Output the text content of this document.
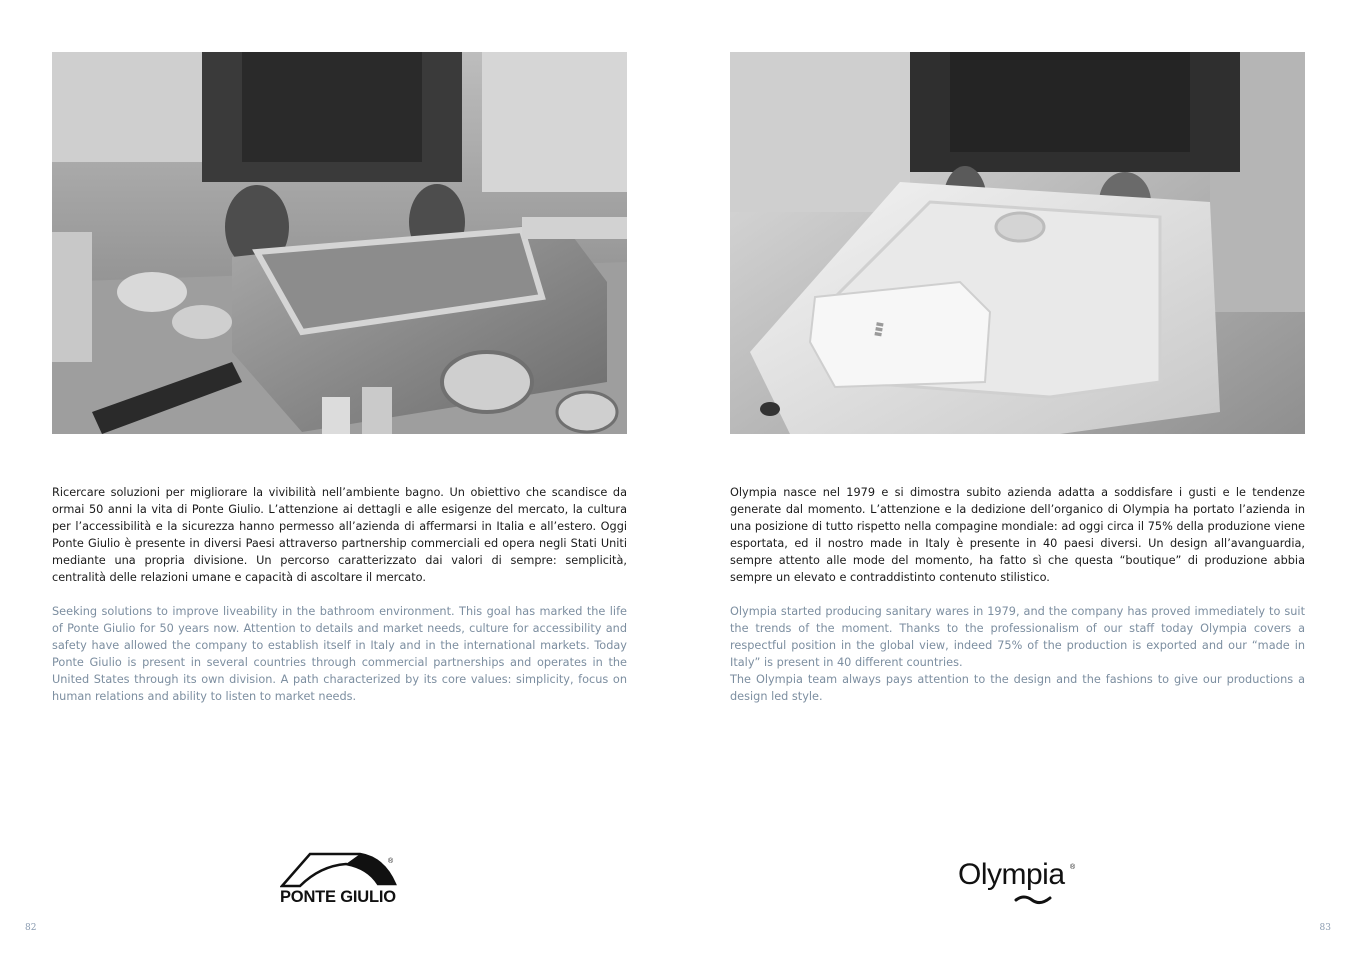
Ricercare soluzioni per migliorare la vivibilità nell’ambiente bagno. Un obiettivo che scandisce da ormai 50 anni la vita di Ponte Giulio. L’attenzione ai dettagli e alle esigenze del mercato, la cultura per l’accessibilità e la sicurezza hanno permesso all’azienda di affermarsi in Italia e all’estero. Oggi Ponte Giulio è presente in diversi Paesi attraverso partnership commerciali ed opera negli Stati Uniti mediante una propria divisione. Un percorso caratterizzato dai valori di sempre: semplicità, centralità delle relazioni umane e capacità di ascoltare il mercato.

Seeking solutions to improve liveability in the bathroom environment. This goal has marked the life of Ponte Giulio for 50 years now. Attention to details and market needs, culture for accessibility and safety have allowed the company to establish itself in Italy and in the international markets. Today Ponte Giulio is present in several countries through commercial partnerships and operates in the United States through its own division. A path characterized by its core values: simplicity, focus on human relations and ability to listen to market needs.

®
PONTE GIULIO
82
▮▮▮

Olympia nasce nel 1979 e si dimostra subito azienda adatta a soddisfare i gusti e le tendenze generate dal momento. L’attenzione e la dedizione dell’organico di Olympia ha portato l’azienda in una posizione di tutto rispetto nella compagine mondiale: ad oggi circa il 75% della produzione viene esportata, ed il nostro made in Italy è presente in 40 paesi diversi. Un design all’avanguardia, sempre attento alle mode del momento, ha fatto sì che questa “boutique” di produzione abbia sempre un elevato e contraddistinto contenuto stilistico.

Olympia started producing sanitary wares in 1979, and the company has proved immediately to suit the trends of the moment. Thanks to the professionalism of our staff today Olympia covers a respectful position in the global view, indeed 75% of the production is exported and our “made in Italy” is present in 40 different countries.
The Olympia team always pays attention to the design and the fashions to give our productions a design led style.
Olympia ®
83
